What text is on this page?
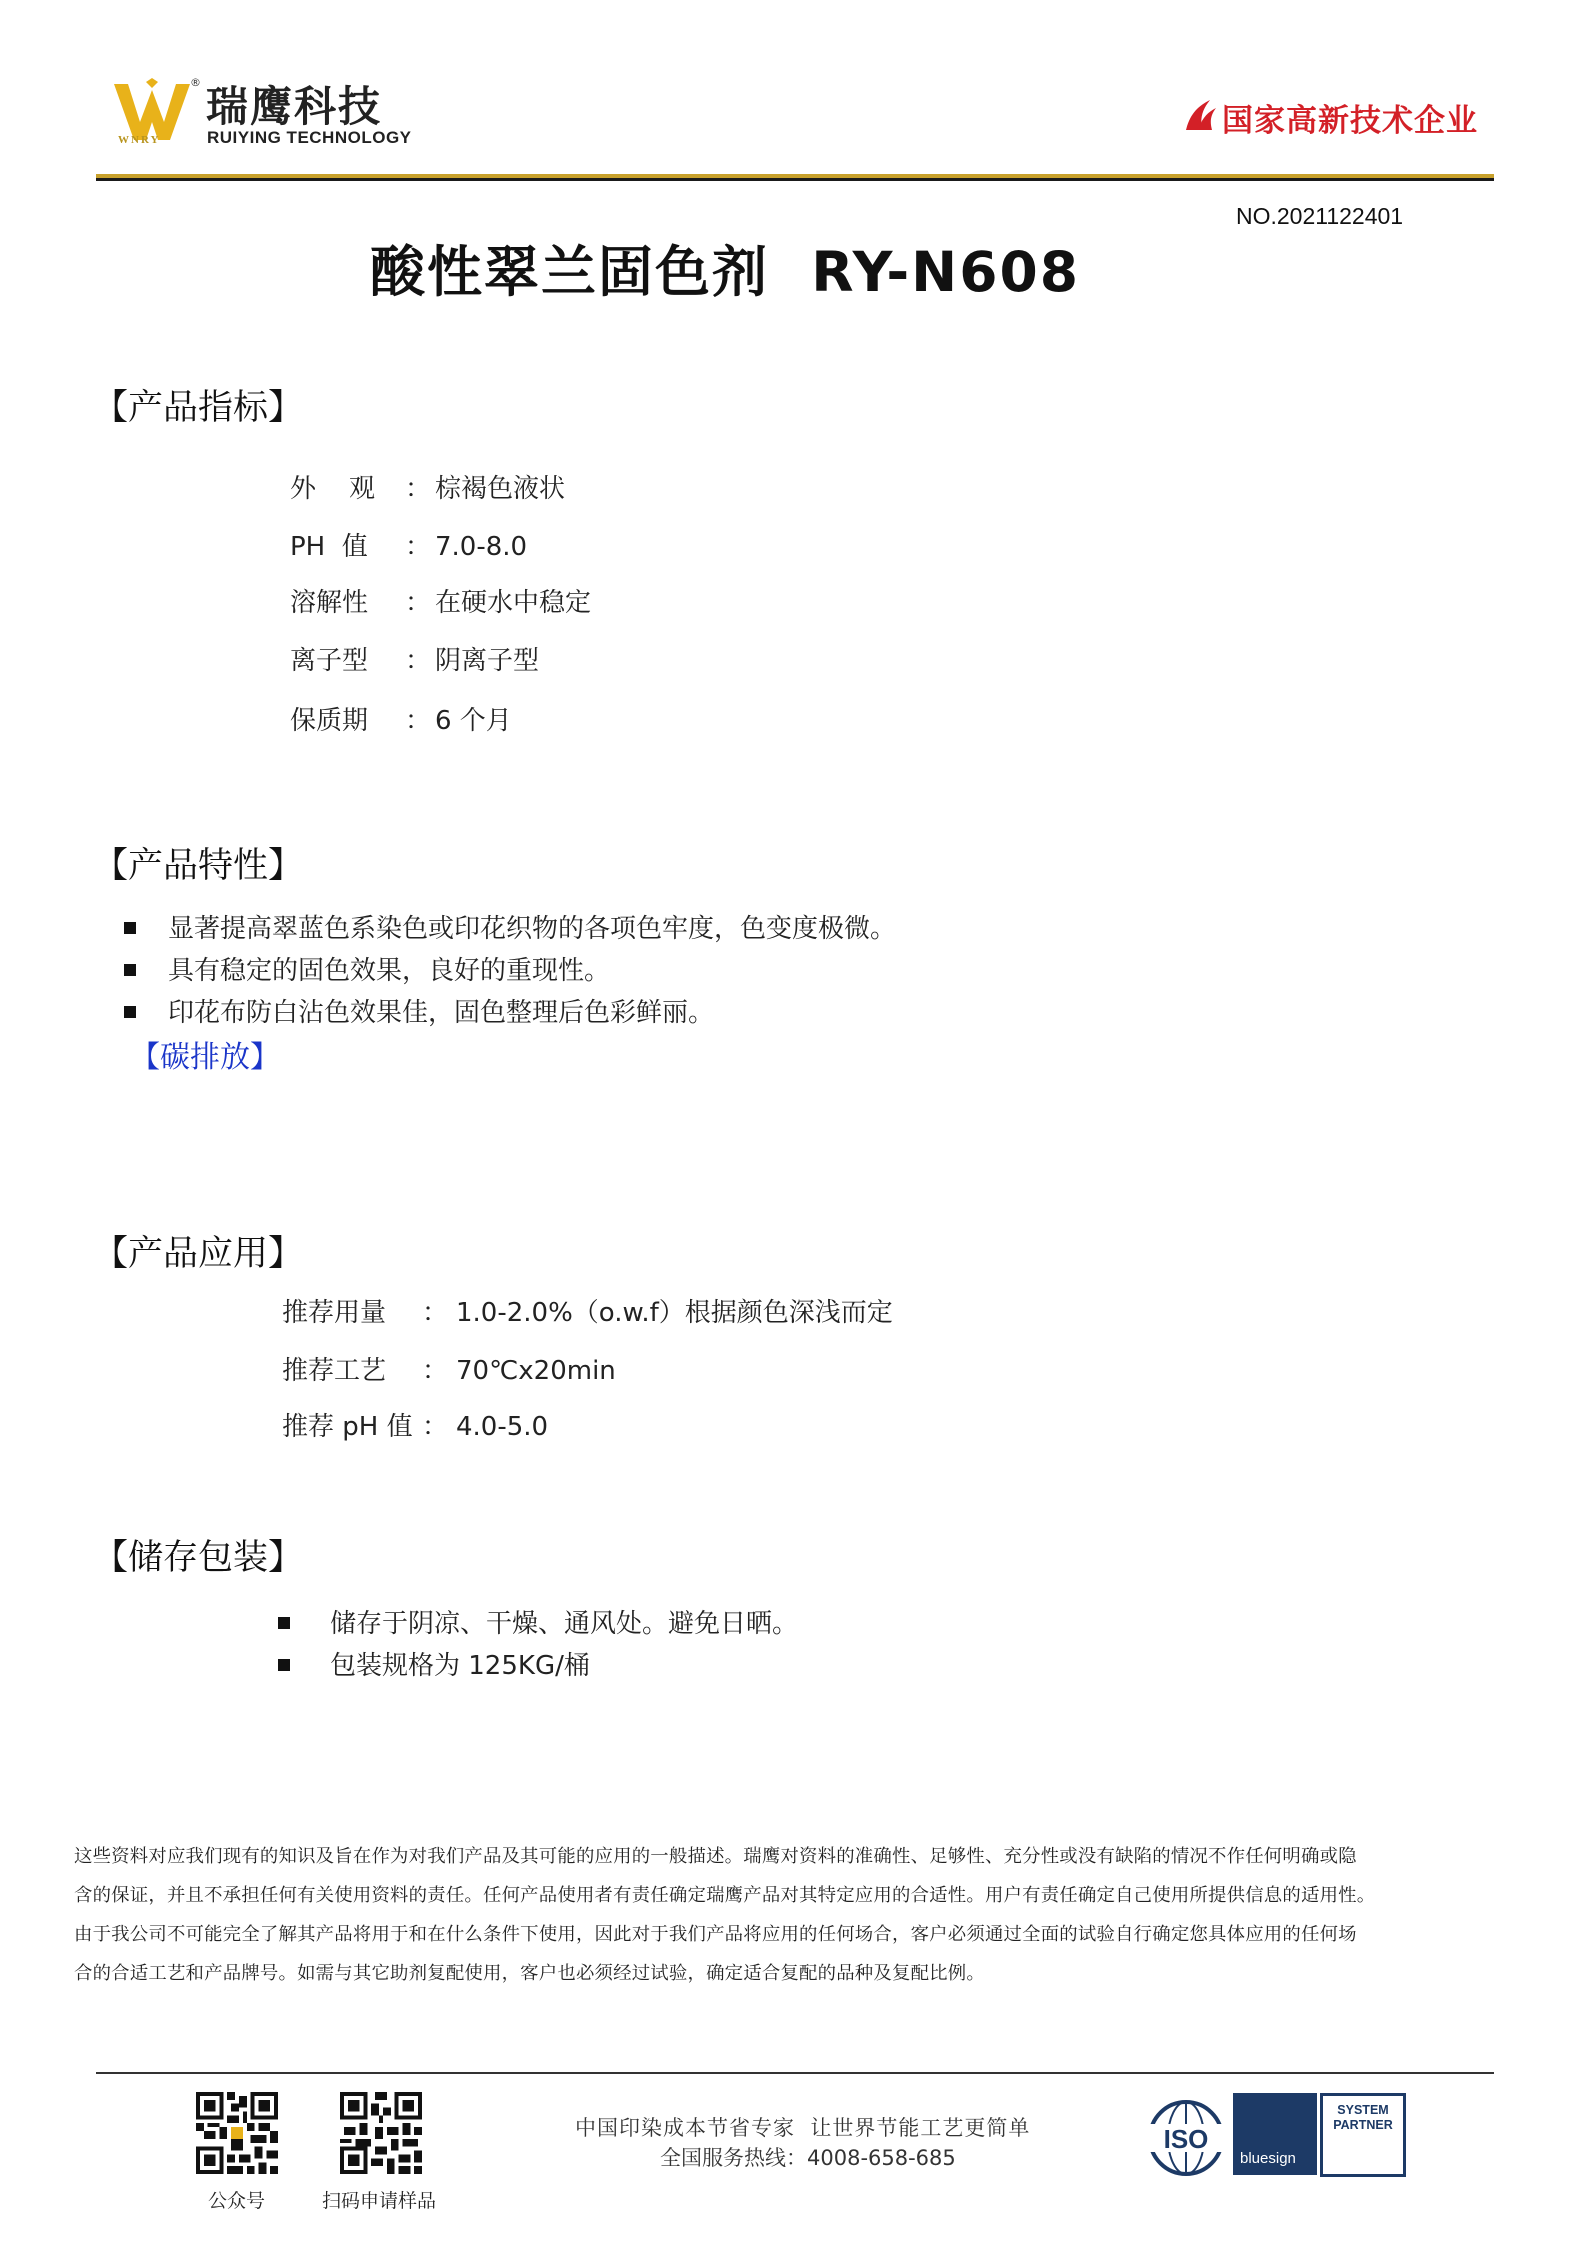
® 瑞鹰科技
WNRY	RUIYING TECHNOLOGY	国家高新技术企业
NO.2021122401
酸性翠兰固色剂  RY-N608
【产品指标】
外    观 ： 棕褐色液状
PH  值 ： 7.0-8.0
溶解性 ： 在硬水中稳定
离子型 ： 阴离子型
保质期 ： 6 个月
【产品特性】
显著提高翠蓝色系染色或印花织物的各项色牢度，色变度极微。
具有稳定的固色效果，良好的重现性。
印花布防白沾色效果佳，固色整理后色彩鲜丽。
【碳排放】
【产品应用】
推荐用量 ： 1.0-2.0%（o.w.f）根据颜色深浅而定
推荐工艺 ： 70℃x20min
推荐 pH 值 ： 4.0-5.0
【储存包装】
储存于阴凉、干燥、通风处。避免日晒。
包装规格为 125KG/桶
这些资料对应我们现有的知识及旨在作为对我们产品及其可能的应用的一般描述。瑞鹰对资料的准确性、足够性、充分性或没有缺陷的情况不作任何明确或隐
含的保证，并且不承担任何有关使用资料的责任。任何产品使用者有责任确定瑞鹰产品对其特定应用的合适性。用户有责任确定自己使用所提供信息的适用性。
由于我公司不可能完全了解其产品将用于和在什么条件下使用，因此对于我们产品将应用的任何场合，客户必须通过全面的试验自行确定您具体应用的任何场
合的合适工艺和产品牌号。如需与其它助剂复配使用，客户也必须经过试验，确定适合复配的品种及复配比例。
公众号	扫码申请样品
中国印染成本节省专家  让世界节能工艺更简单
全国服务热线：4008-658-685
ISO
bluesign
SYSTEM PARTNER
